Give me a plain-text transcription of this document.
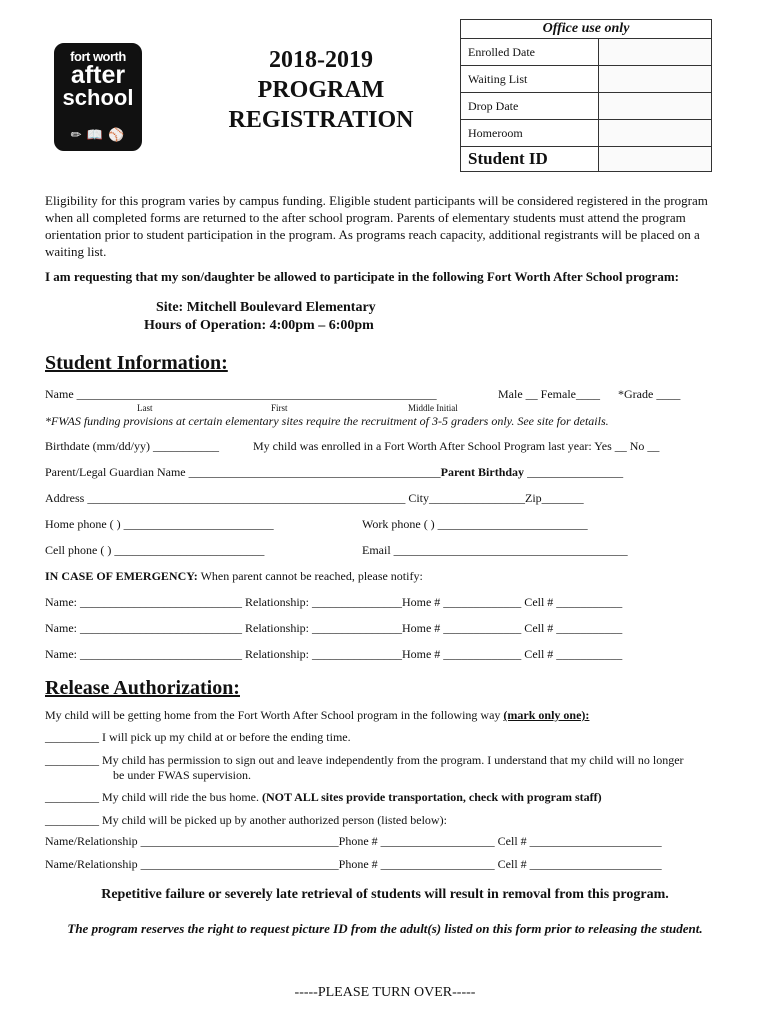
fort worth
after
school
✏ 📖 ⚾
2018-2019
PROGRAM
REGISTRATION
Office use only	
Enrolled Date	
Waiting List	
Drop Date	
Homeroom	
Student ID	
Eligibility for this program varies by campus funding. Eligible student participants will be considered registered in the program when all completed forms are returned to the after school program. Parents of elementary students must attend the program orientation prior to student participation in the program. As programs reach capacity, additional registrants will be placed on a waiting list.
I am requesting that my son/daughter be allowed to participate in the following Fort Worth After School program:
Site: Mitchell Boulevard Elementary
Hours of Operation: 4:00pm – 6:00pm
Student Information:
Name ____________________________________________________________	Male __ Female____ *Grade ____
Last	First	Middle Initial
*FWAS funding provisions at certain elementary sites require the recruitment of 3-5 graders only. See site for details.
Birthdate (mm/dd/yy) ___________	My child was enrolled in a Fort Worth After School Program last year: Yes __ No __
Parent/Legal Guardian Name __________________________________________Parent Birthday ________________
Address _____________________________________________________ City________________Zip_______
Home phone ( ) _________________________	Work phone ( ) _________________________
Cell phone ( ) _________________________	Email _______________________________________
IN CASE OF EMERGENCY: When parent cannot be reached, please notify:
Name: ___________________________ Relationship: _______________Home # _____________ Cell # ___________
Name: ___________________________ Relationship: _______________Home # _____________ Cell # ___________
Name: ___________________________ Relationship: _______________Home # _____________ Cell # ___________
Release Authorization:
My child will be getting home from the Fort Worth After School program in the following way (mark only one):
_________ I will pick up my child at or before the ending time.
_________ My child has permission to sign out and leave independently from the program. I understand that my child will no longer
be under FWAS supervision.
_________ My child will ride the bus home. (NOT ALL sites provide transportation, check with program staff)
_________ My child will be picked up by another authorized person (listed below):
Name/Relationship _________________________________Phone # ___________________ Cell # ______________________
Name/Relationship _________________________________Phone # ___________________ Cell # ______________________
Repetitive failure or severely late retrieval of students will result in removal from this program.
The program reserves the right to request picture ID from the adult(s) listed on this form prior to releasing the student.
-----PLEASE TURN OVER-----
